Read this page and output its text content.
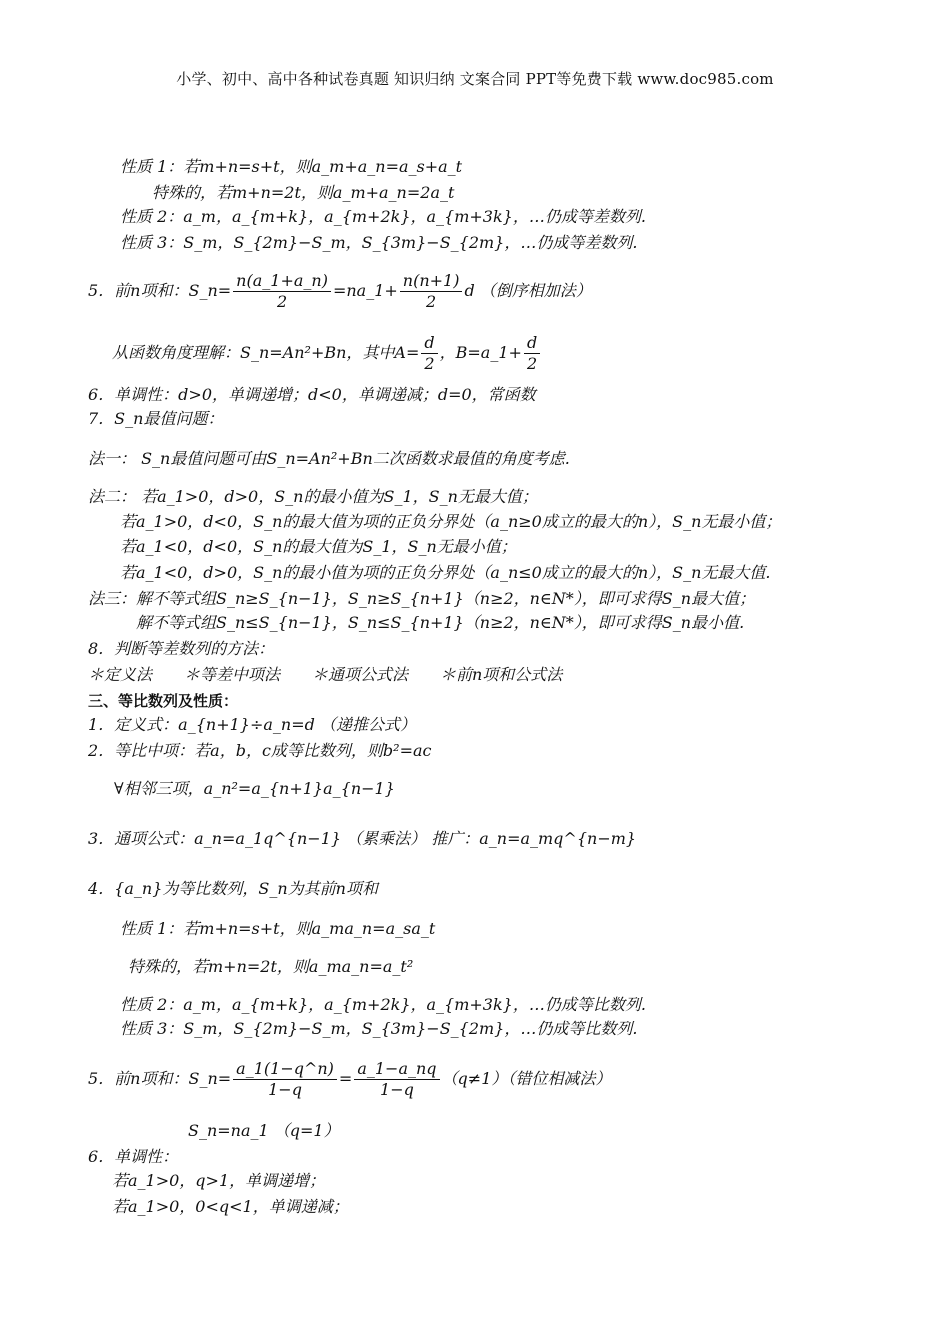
小学、初中、高中各种试卷真题 知识归纳 文案合同 PPT等免费下载 www.doc985.com
性质 1：若m+n=s+t，则a_m+a_n=a_s+a_t
特殊的，若m+n=2t，则a_m+a_n=2a_t
性质 2：a_m，a_{m+k}，a_{m+2k}，a_{m+3k}，…仍成等差数列.
性质 3：S_m，S_{2m}−S_m，S_{3m}−S_{2m}，…仍成等差数列.
5．前n项和：S_n= $\frac{n(a\_1+a\_n)}{2}$ =na_1+ $\frac{n(n+1)}{2}$ d （倒序相加法）
从函数角度理解：S_n=An²+Bn，其中$A= \frac{d}{2}$ ，B=a_1+ $\frac{d}{2}$
6．单调性：d>0，单调递增；d<0，单调递减；d=0，常函数
7．S_n最值问题：
法一： S_n最值问题可由S_n=An²+Bn二次函数求最值的角度考虑.
法二： 若a_1>0，d>0，S_n的最小值为S_1，S_n无最大值；
若a_1>0，d<0，S_n的最大值为项的正负分界处（a_n≥0成立的最大的n），S_n无最小值；
若a_1<0，d<0，S_n的最大值为S_1，S_n无最小值；
若a_1<0，d>0，S_n的最小值为项的正负分界处（a_n≤0成立的最大的n），S_n无最大值.
法三：解不等式组S_n≥S_{n−1}，S_n≥S_{n+1}（n≥2，n∈N*），即可求得S_n最大值；
解不等式组S_n≤S_{n−1}，S_n≤S_{n+1}（n≥2，n∈N*），即可求得S_n最小值.
8．判断等差数列的方法：
＊定义法　　＊等差中项法　　＊通项公式法　　＊前n项和公式法
三、等比数列及性质：
1．定义式：a_{n+1}÷a_n=d （递推公式）
2．等比中项：若a，b，c成等比数列，则b²=ac
∀相邻三项，a_n²=a_{n+1}a_{n−1}
3．通项公式：a_n=a_1q^{n−1} （累乘法） 推广：a_n=a_mq^{n−m}
4．{a_n}为等比数列，S_n为其前n项和
性质 1：若m+n=s+t，则a_ma_n=a_sa_t
特殊的，若m+n=2t，则a_ma_n=a_t²
性质 2：a_m，a_{m+k}，a_{m+2k}，a_{m+3k}，…仍成等比数列.
性质 3：S_m，S_{2m}−S_m，S_{3m}−S_{2m}，…仍成等比数列.
5．前n项和：S_n= $\frac{a\_1(1-q\^{}n)}{1-q} = \frac{a\_1-a\_nq}{1-q} (q\ne 1)$（错位相减法）
S_n=na_1 （q=1）
6．单调性：
若a_1>0，q>1，单调递增；
若a_1>0，0<q<1，单调递减；
